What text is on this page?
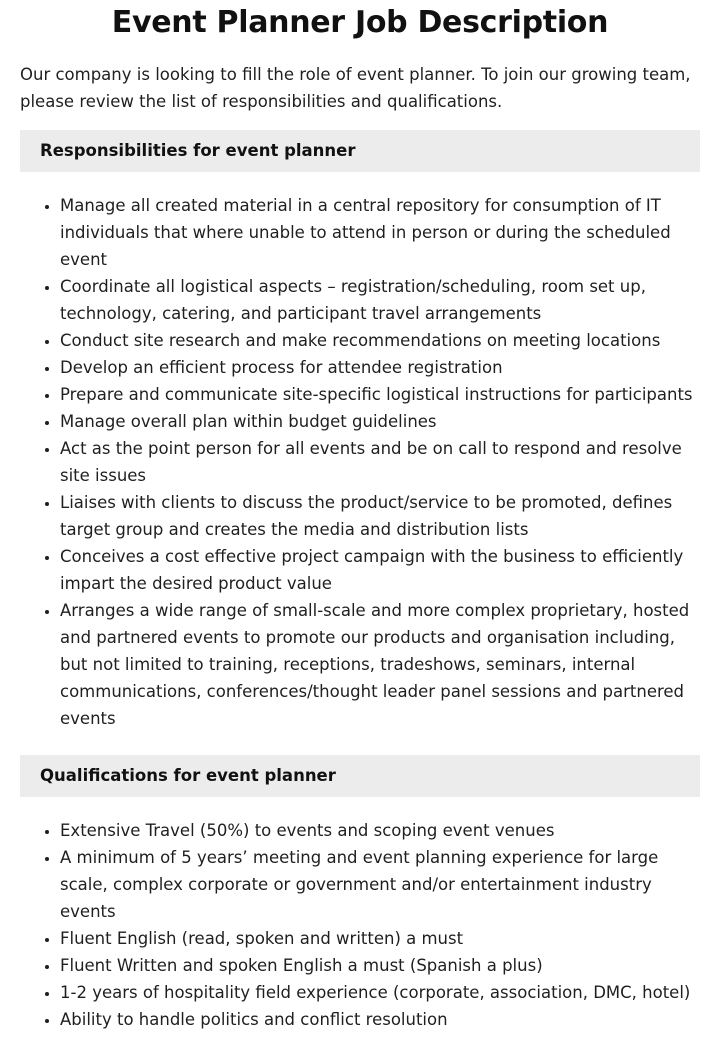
Event Planner Job Description

Our company is looking to fill the role of event planner. To join our growing team, please review the list of responsibilities and qualifications.

Responsibilities for event planner
• Manage all created material in a central repository for consumption of IT individuals that where unable to attend in person or during the scheduled event
• Coordinate all logistical aspects – registration/scheduling, room set up, technology, catering, and participant travel arrangements
• Conduct site research and make recommendations on meeting locations
• Develop an efficient process for attendee registration
• Prepare and communicate site-specific logistical instructions for participants
• Manage overall plan within budget guidelines
• Act as the point person for all events and be on call to respond and resolve site issues
• Liaises with clients to discuss the product/service to be promoted, defines target group and creates the media and distribution lists
• Conceives a cost effective project campaign with the business to efficiently impart the desired product value
• Arranges a wide range of small-scale and more complex proprietary, hosted and partnered events to promote our products and organisation including, but not limited to training, receptions, tradeshows, seminars, internal communications, conferences/thought leader panel sessions and partnered events
Qualifications for event planner
• Extensive Travel (50%) to events and scoping event venues
• A minimum of 5 years’ meeting and event planning experience for large scale, complex corporate or government and/or entertainment industry events
• Fluent English (read, spoken and written) a must
• Fluent Written and spoken English a must (Spanish a plus)
• 1-2 years of hospitality field experience (corporate, association, DMC, hotel)
• Ability to handle politics and conflict resolution
